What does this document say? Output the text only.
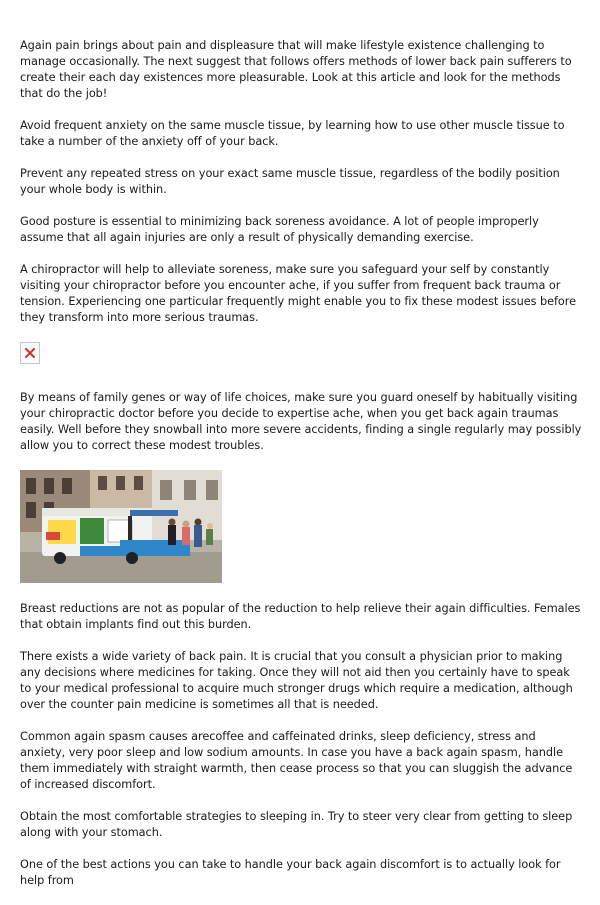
Again pain brings about pain and displeasure that will make lifestyle existence challenging to manage occasionally. The next suggest that follows offers methods of lower back pain sufferers to create their each day existences more pleasurable. Look at this article and look for the methods that do the job!

Avoid frequent anxiety on the same muscle tissue, by learning how to use other muscle tissue to take a number of the anxiety off of your back.

Prevent any repeated stress on your exact same muscle tissue, regardless of the bodily position your whole body is within.

Good posture is essential to minimizing back soreness avoidance. A lot of people improperly assume that all again injuries are only a result of physically demanding exercise.

A chiropractor will help to alleviate soreness, make sure you safeguard your self by constantly visiting your chiropractor before you encounter ache, if you suffer from frequent back trauma or tension. Experiencing one particular frequently might enable you to fix these modest issues before they transform into more serious traumas.

By means of family genes or way of life choices, make sure you guard oneself by habitually visiting your chiropractic doctor before you decide to expertise ache, when you get back again traumas easily. Well before they snowball into more severe accidents, finding a single regularly may possibly allow you to correct these modest troubles.

Breast reductions are not as popular of the reduction to help relieve their again difficulties. Females that obtain implants find out this burden.

There exists a wide variety of back pain. It is crucial that you consult a physician prior to making any decisions where medicines for taking. Once they will not aid then you certainly have to speak to your medical professional to acquire much stronger drugs which require a medication, although over the counter pain medicine is sometimes all that is needed.

Common again spasm causes arecoffee and caffeinated drinks, sleep deficiency, stress and anxiety, very poor sleep and low sodium amounts. In case you have a back again spasm, handle them immediately with straight warmth, then cease process so that you can sluggish the advance of increased discomfort.

Obtain the most comfortable strategies to sleeping in. Try to steer very clear from getting to sleep along with your stomach.

One of the best actions you can take to handle your back again discomfort is to actually look for help from
